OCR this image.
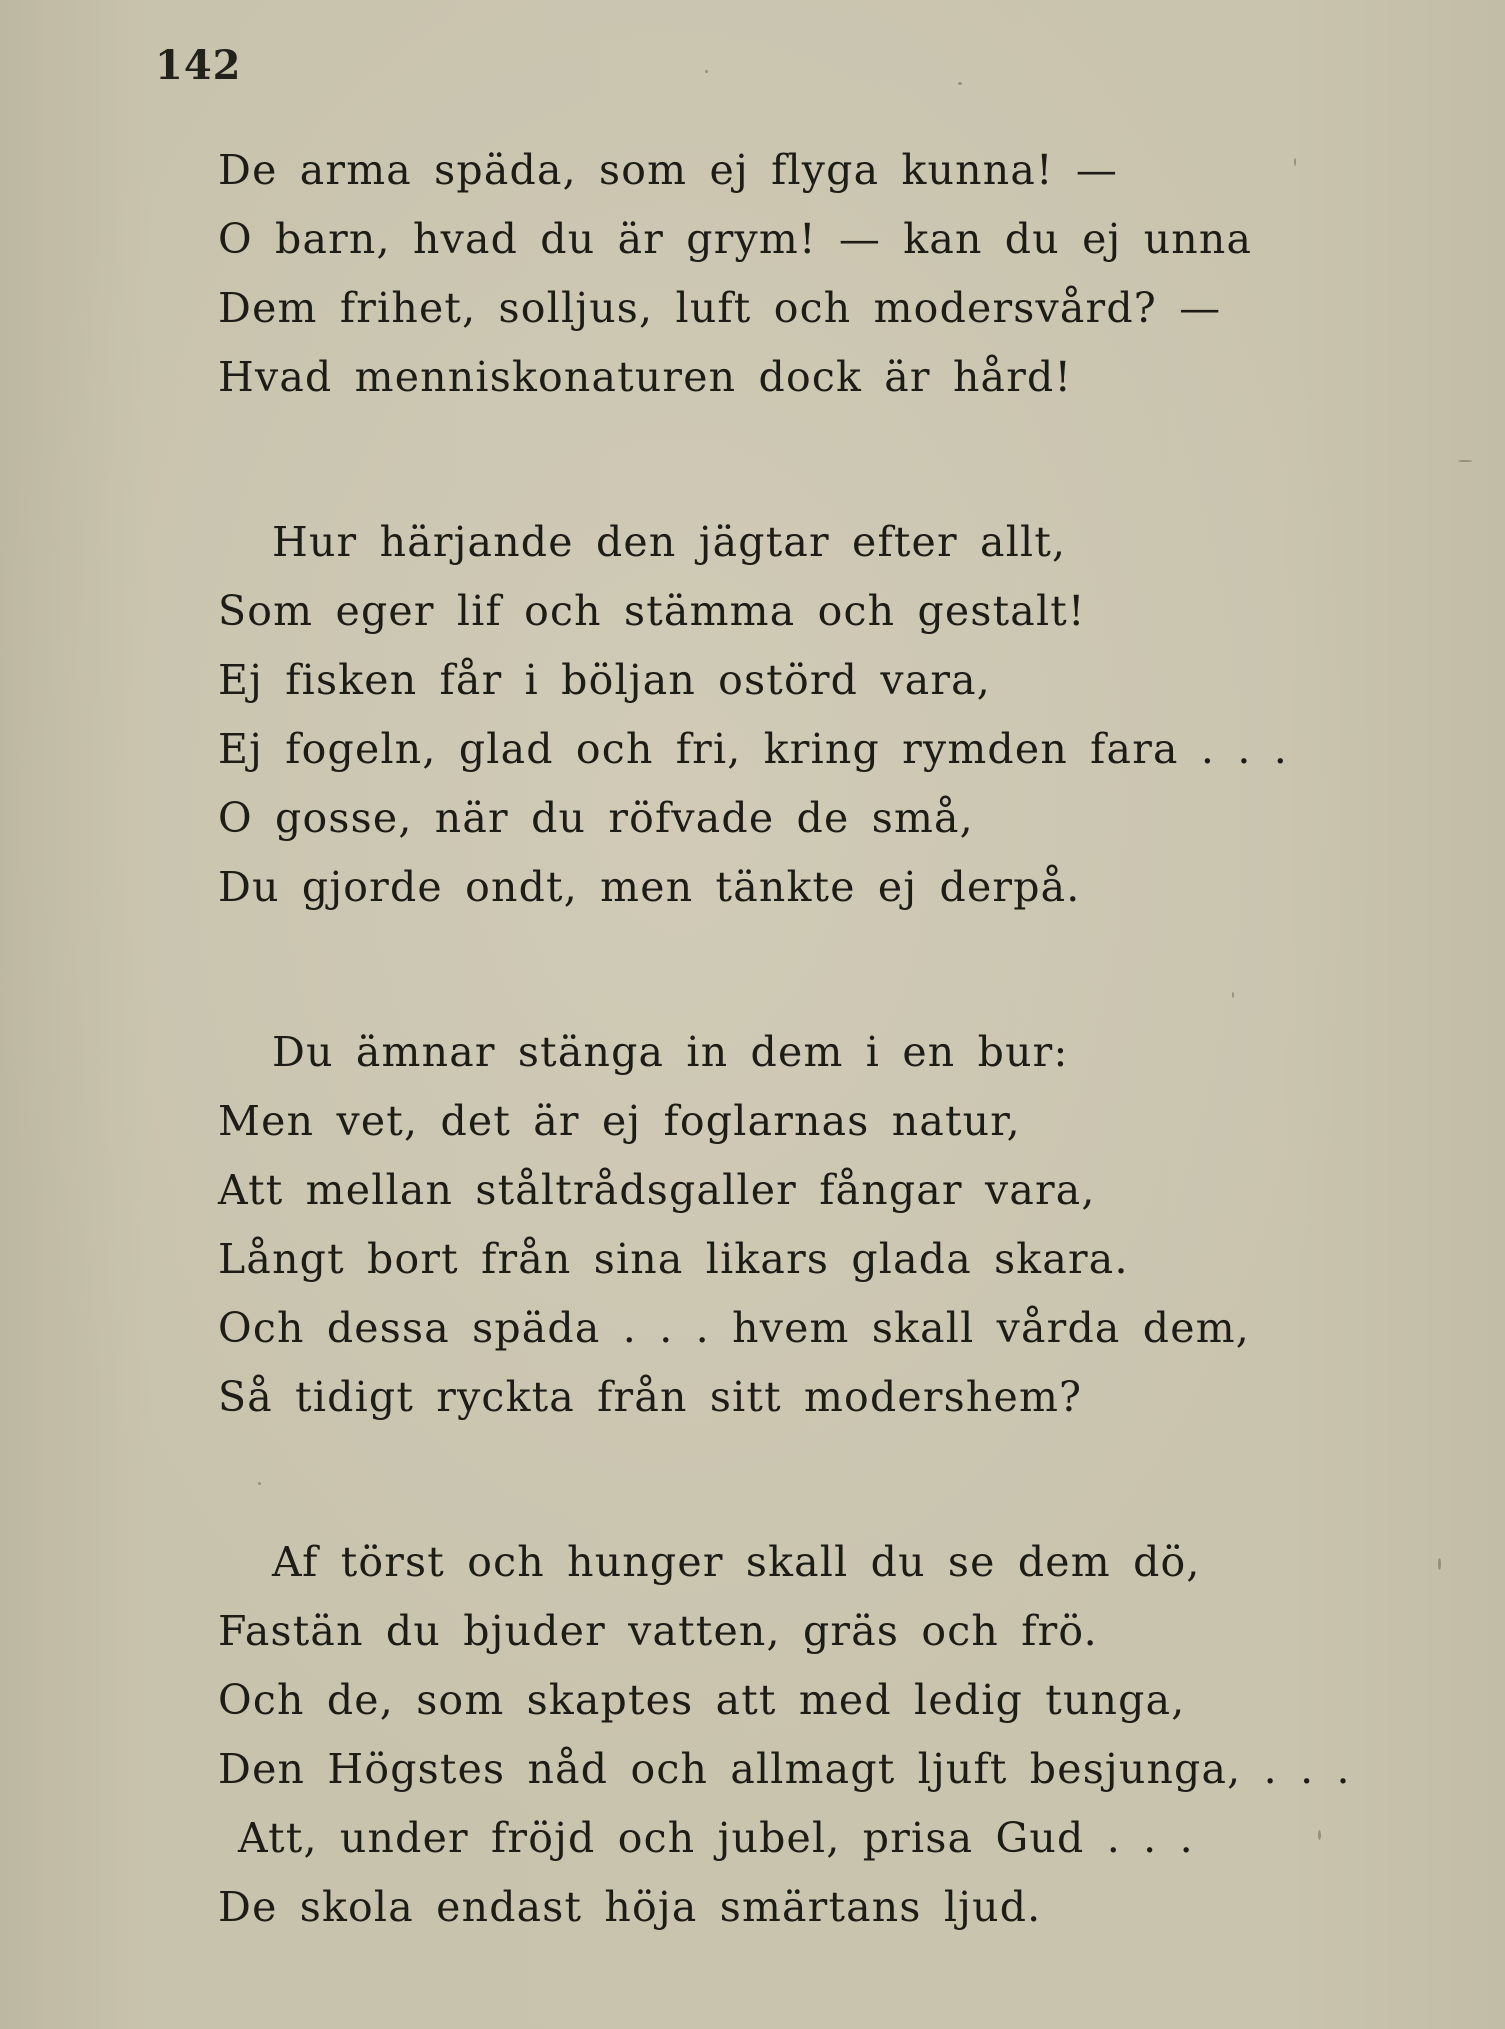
142
De arma späda, som ej flyga kunna! —
O barn, hvad du är grym! — kan du ej unna
Dem frihet, solljus, luft och modersvård? —
Hvad menniskonaturen dock är hård!
Hur härjande den jägtar efter allt,
Som eger lif och stämma och gestalt!
Ej fisken får i böljan ostörd vara,
Ej fogeln, glad och fri, kring rymden fara . . .
O gosse, när du röfvade de små,
Du gjorde ondt, men tänkte ej derpå.
Du ämnar stänga in dem i en bur:
Men vet, det är ej foglarnas natur,
Att mellan ståltrådsgaller fångar vara,
Långt bort från sina likars glada skara.
Och dessa späda . . . hvem skall vårda dem,
Så tidigt ryckta från sitt modershem?
Af törst och hunger skall du se dem dö,
Fastän du bjuder vatten, gräs och frö.
Och de, som skaptes att med ledig tunga,
Den Högstes nåd och allmagt ljuft besjunga, . . .
Att, under fröjd och jubel, prisa Gud . . .
De skola endast höja smärtans ljud.
